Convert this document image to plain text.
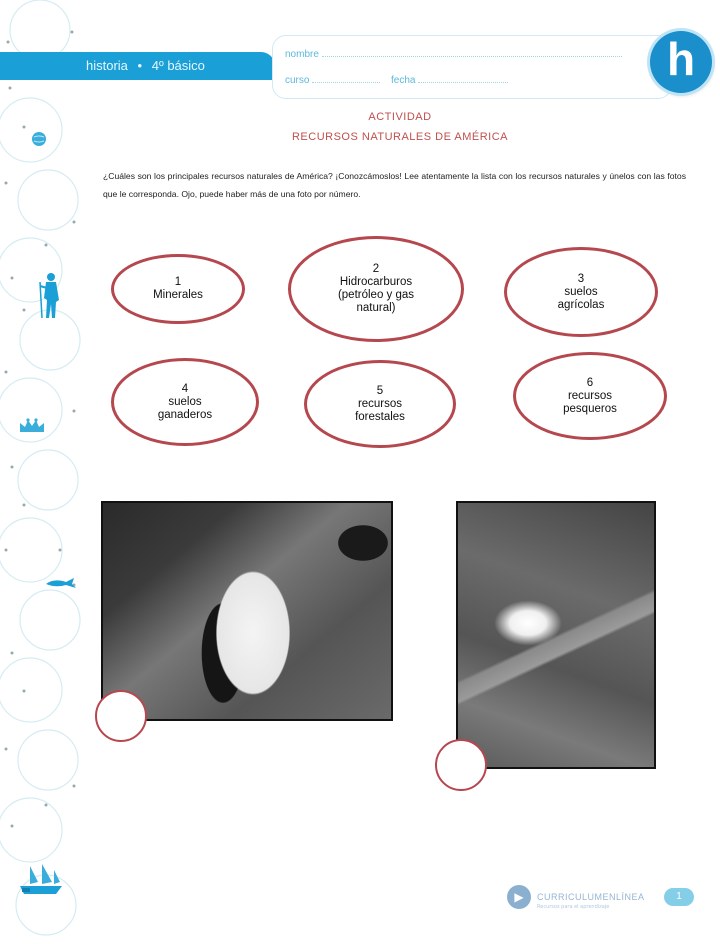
historia • 4º básico
nombre
curso	fecha	h
ACTIVIDAD
RECURSOS NATURALES DE AMÉRICA

¿Cuáles son los principales recursos naturales de América? ¡Conozcámoslos! Lee atentamente la lista con los recursos naturales y únelos con las fotos que le corresponda. Ojo, puede haber más de una foto por número.

1
Minerales
2
Hidrocarburos
(petróleo y gas
natural)
3
suelos
agrícolas
4
suelos
ganaderos
5
recursos
forestales
6
recursos
pesqueros
▶	CURRICULUMENLÍNEA
Recursos para el aprendizaje
1
